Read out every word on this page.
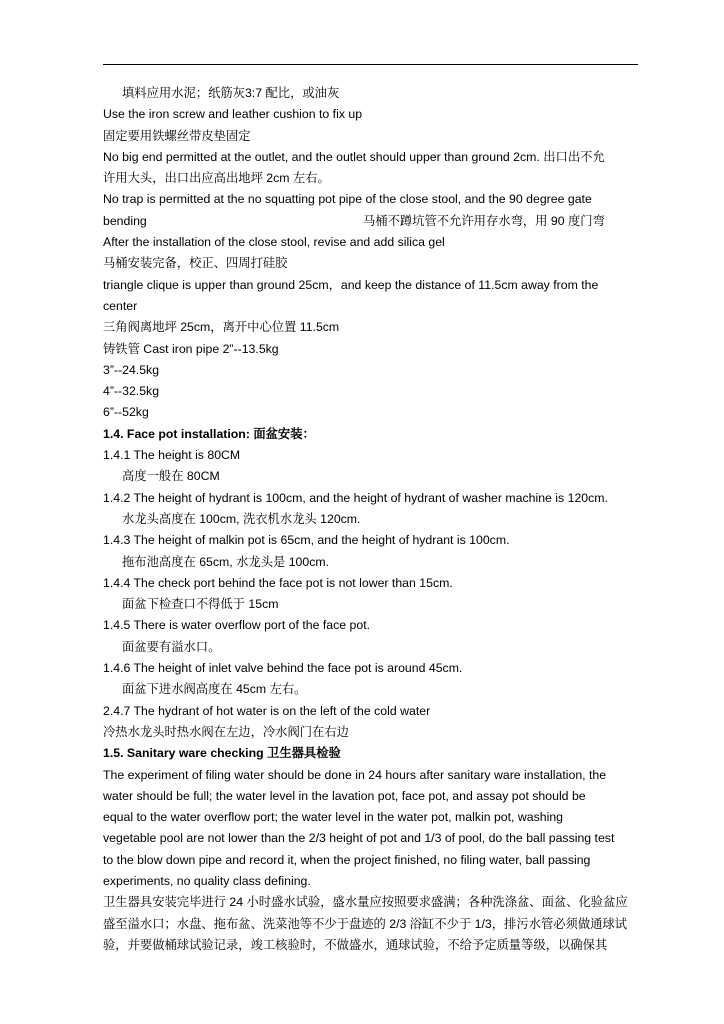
填料应用水泥；纸筋灰3:7 配比，或油灰
Use the iron screw and leather cushion to fix up
固定要用铁螺丝带皮垫固定
No big end permitted at the outlet, and the outlet should upper than ground 2cm. 出口出不允
许用大头，出口出应高出地坪 2cm 左右。
No trap is permitted at the no squatting pot pipe of the close stool, and the 90 degree gate
bending	马桶不蹲坑管不允许用存水弯，用 90 度门弯
After the installation of the close stool, revise and add silica gel
马桶安装完备，校正、四周打硅胶
triangle clique is upper than ground 25cm，and keep the distance of 11.5cm away from the
center
三角阀离地坪 25cm，离开中心位置 11.5cm
铸铁管 Cast iron pipe 2”--13.5kg
3”--24.5kg
4”--32.5kg
6”--52kg
1.4. Face pot installation: 面盆安装：
1.4.1 The height is 80CM
高度一般在 80CM
1.4.2 The height of hydrant is 100cm, and the height of hydrant of washer machine is 120cm.
水龙头高度在 100cm, 洗衣机水龙头 120cm.
1.4.3 The height of malkin pot is 65cm, and the height of hydrant is 100cm.
拖布池高度在 65cm, 水龙头是 100cm.
1.4.4 The check port behind the face pot is not lower than 15cm.
面盆下检查口不得低于 15cm
1.4.5 There is water overflow port of the face pot.
面盆要有溢水口。
1.4.6 The height of inlet valve behind the face pot is around 45cm.
面盆下进水阀高度在 45cm 左右。
2.4.7 The hydrant of hot water is on the left of the cold water
冷热水龙头时热水阀在左边，冷水阀门在右边
1.5. Sanitary ware checking 卫生器具检验
The experiment of filing water should be done in 24 hours after sanitary ware installation, the
water should be full; the water level in the lavation pot, face pot, and assay pot should be
equal to the water overflow port; the water level in the water pot, malkin pot, washing
vegetable pool are not lower than the 2/3 height of pot and 1/3 of pool, do the ball passing test
to the blow down pipe and record it, when the project finished, no filing water, ball passing
experiments, no quality class defining.
卫生器具安装完毕进行 24 小时盛水试验，盛水量应按照要求盛满；各种洗涤盆、面盆、化验盆应
盛至溢水口；水盘、拖布盆、洗菜池等不少于盘迹的 2/3 浴缸不少于 1/3，排污水管必须做通球试
验，并要做桶球试验记录，竣工核验时，不做盛水，通球试验，不给予定质量等级，以确保其
